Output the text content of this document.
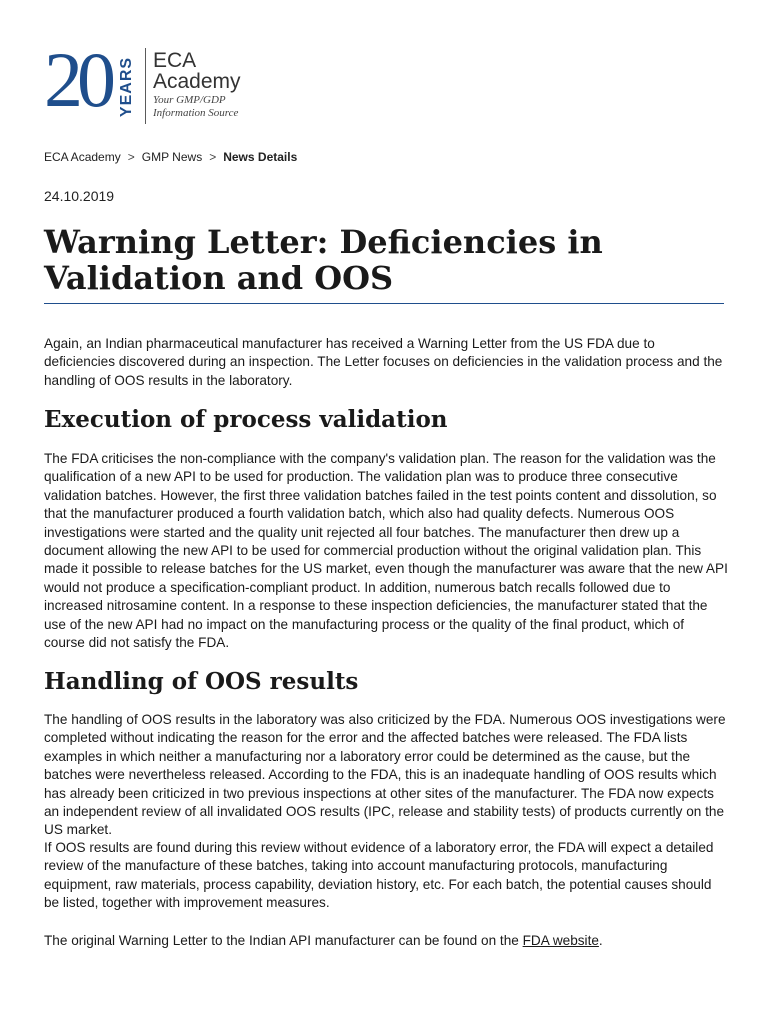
20 YEARS ECA
Academy
Your GMP/GDP
Information Source
ECA Academy > GMP News > News Details
24.10.2019
Warning Letter: Deficiencies in Validation and OOS

Again, an Indian pharmaceutical manufacturer has received a Warning Letter from the US FDA due to deficiencies discovered during an inspection. The Letter focuses on deficiencies in the validation process and the handling of OOS results in the laboratory.

Execution of process validation

The FDA criticises the non-compliance with the company's validation plan. The reason for the validation was the qualification of a new API to be used for production. The validation plan was to produce three consecutive validation batches. However, the first three validation batches failed in the test points content and dissolution, so that the manufacturer produced a fourth validation batch, which also had quality defects. Numerous OOS investigations were started and the quality unit rejected all four batches. The manufacturer then drew up a document allowing the new API to be used for commercial production without the original validation plan. This made it possible to release batches for the US market, even though the manufacturer was aware that the new API would not produce a specification-compliant product. In addition, numerous batch recalls followed due to increased nitrosamine content. In a response to these inspection deficiencies, the manufacturer stated that the use of the new API had no impact on the manufacturing process or the quality of the final product, which of course did not satisfy the FDA.

Handling of OOS results

The handling of OOS results in the laboratory was also criticized by the FDA. Numerous OOS investigations were completed without indicating the reason for the error and the affected batches were released. The FDA lists examples in which neither a manufacturing nor a laboratory error could be determined as the cause, but the batches were nevertheless released. According to the FDA, this is an inadequate handling of OOS results which has already been criticized in two previous inspections at other sites of the manufacturer. The FDA now expects an independent review of all invalidated OOS results (IPC, release and stability tests) of products currently on the US market.

If OOS results are found during this review without evidence of a laboratory error, the FDA will expect a detailed review of the manufacture of these batches, taking into account manufacturing protocols, manufacturing equipment, raw materials, process capability, deviation history, etc. For each batch, the potential causes should be listed, together with improvement measures.

The original Warning Letter to the Indian API manufacturer can be found on the FDA website.
